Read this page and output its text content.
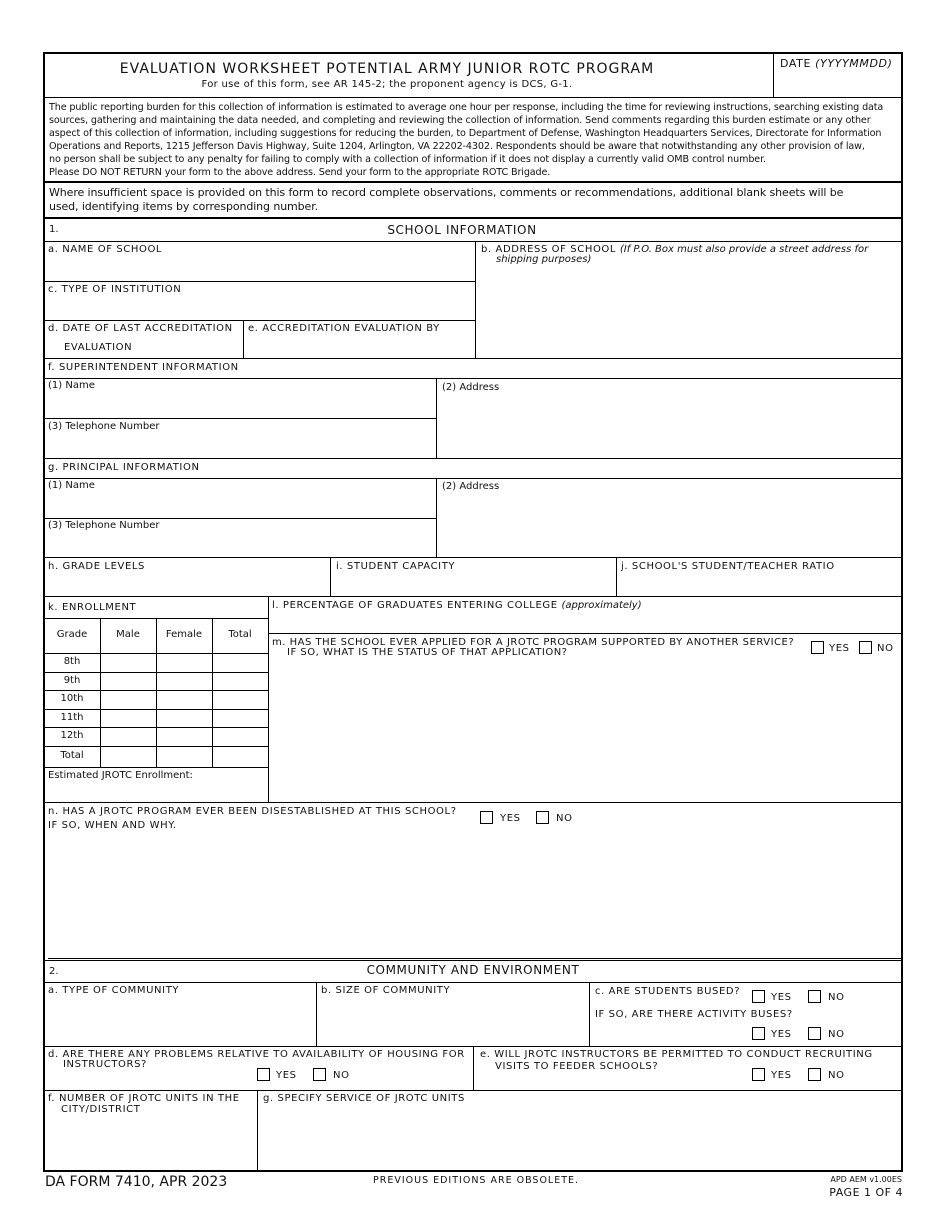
EVALUATION WORKSHEET POTENTIAL ARMY JUNIOR ROTC PROGRAM
For use of this form, see AR 145-2; the proponent agency is DCS, G-1.
DATE (YYYYMMDD)
The public reporting burden for this collection of information is estimated to average one hour per response, including the time for reviewing instructions, searching existing data
sources, gathering and maintaining the data needed, and completing and reviewing the collection of information. Send comments regarding this burden estimate or any other
aspect of this collection of information, including suggestions for reducing the burden, to Department of Defense, Washington Headquarters Services, Directorate for Information
Operations and Reports, 1215 Jefferson Davis Highway, Suite 1204, Arlington, VA 22202-4302. Respondents should be aware that notwithstanding any other provision of law,
no person shall be subject to any penalty for failing to comply with a collection of information if it does not display a currently valid OMB control number.
Please DO NOT RETURN your form to the above address. Send your form to the appropriate ROTC Brigade.
Where insufficient space is provided on this form to record complete observations, comments or recommendations, additional blank sheets will be
used, identifying items by corresponding number.
1.	SCHOOL INFORMATION
a. NAME OF SCHOOL	b. ADDRESS OF SCHOOL (If P.O. Box must also provide a street address for
shipping purposes)
c. TYPE OF INSTITUTION
d. DATE OF LAST ACCREDITATION
EVALUATION
e. ACCREDITATION EVALUATION BY
f. SUPERINTENDENT INFORMATION
(1) Name	(2) Address
(3) Telephone Number
g. PRINCIPAL INFORMATION
(1) Name	(2) Address
(3) Telephone Number
h. GRADE LEVELS	i. STUDENT CAPACITY	j. SCHOOL'S STUDENT/TEACHER RATIO
k. ENROLLMENT
Grade	Male	Female	Total
8th
9th
10th
11th
12th
Total
Estimated JROTC Enrollment:
l. PERCENTAGE OF GRADUATES ENTERING COLLEGE (approximately)
m. HAS THE SCHOOL EVER APPLIED FOR A JROTC PROGRAM SUPPORTED BY ANOTHER SERVICE?
IF SO, WHAT IS THE STATUS OF THAT APPLICATION?	YES	NO
n. HAS A JROTC PROGRAM EVER BEEN DISESTABLISHED AT THIS SCHOOL?
IF SO, WHEN AND WHY.
YES	NO
2.	COMMUNITY AND ENVIRONMENT
a. TYPE OF COMMUNITY	b. SIZE OF COMMUNITY	c. ARE STUDENTS BUSED?
YES	NO
IF SO, ARE THERE ACTIVITY BUSES?
YES	NO
d. ARE THERE ANY PROBLEMS RELATIVE TO AVAILABILITY OF HOUSING FOR
INSTRUCTORS?
YES	NO
e. WILL JROTC INSTRUCTORS BE PERMITTED TO CONDUCT RECRUITING
VISITS TO FEEDER SCHOOLS?
YES	NO
f. NUMBER OF JROTC UNITS IN THE
CITY/DISTRICT
g. SPECIFY SERVICE OF JROTC UNITS
DA FORM 7410, APR 2023	PREVIOUS EDITIONS ARE OBSOLETE.	APD AEM v1.00ES
PAGE 1 OF 4
